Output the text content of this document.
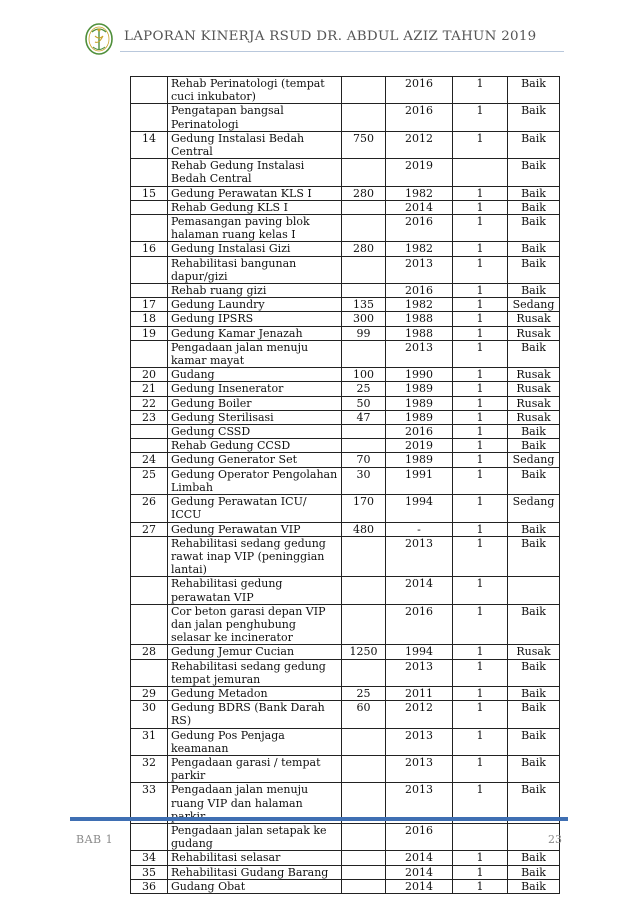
LAPORAN KINERJA RSUD DR. ABDUL AZIZ TAHUN 2019
	Rehab Perinatologi (tempat cuci inkubator)		2016	1	Baik
	Pengatapan bangsal Perinatologi		2016	1	Baik
14	Gedung Instalasi Bedah Central	750	2012	1	Baik
	Rehab Gedung Instalasi Bedah Central		2019		Baik
15	Gedung Perawatan KLS I	280	1982	1	Baik
	Rehab Gedung KLS I		2014	1	Baik
	Pemasangan paving blok halaman ruang kelas I		2016	1	Baik
16	Gedung Instalasi Gizi	280	1982	1	Baik
	Rehabilitasi bangunan dapur/gizi		2013	1	Baik
	Rehab ruang gizi		2016	1	Baik
17	Gedung Laundry	135	1982	1	Sedang
18	Gedung IPSRS	300	1988	1	Rusak
19	Gedung Kamar Jenazah	99	1988	1	Rusak
	Pengadaan jalan menuju kamar mayat		2013	1	Baik
20	Gudang	100	1990	1	Rusak
21	Gedung Insenerator	25	1989	1	Rusak
22	Gedung Boiler	50	1989	1	Rusak
23	Gedung Sterilisasi	47	1989	1	Rusak
	Gedung CSSD		2016	1	Baik
	Rehab Gedung CCSD		2019	1	Baik
24	Gedung Generator Set	70	1989	1	Sedang
25	Gedung Operator Pengolahan Limbah	30	1991	1	Baik
26	Gedung Perawatan ICU/ ICCU	170	1994	1	Sedang
27	Gedung Perawatan VIP	480	-	1	Baik
	Rehabilitasi sedang gedung rawat inap VIP (peninggian lantai)		2013	1	Baik
	Rehabilitasi gedung perawatan VIP		2014	1	
	Cor beton garasi depan VIP dan jalan penghubung selasar ke incinerator		2016	1	Baik
28	Gedung Jemur Cucian	1250	1994	1	Rusak
	Rehabilitasi sedang gedung tempat jemuran		2013	1	Baik
29	Gedung Metadon	25	2011	1	Baik
30	Gedung BDRS (Bank Darah RS)	60	2012	1	Baik
31	Gedung Pos Penjaga keamanan		2013	1	Baik
32	Pengadaan garasi / tempat parkir		2013	1	Baik
33	Pengadaan jalan menuju ruang VIP dan halaman		2013	1	Baik
	Pengadaan jalan setapak ke gudang		2016		
34	Rehabilitasi selasar		2014	1	Baik
35	Rehabilitasi Gudang Barang		2014	1	Baik
36	Gudang Obat		2014	1	Baik
BAB 1	23
